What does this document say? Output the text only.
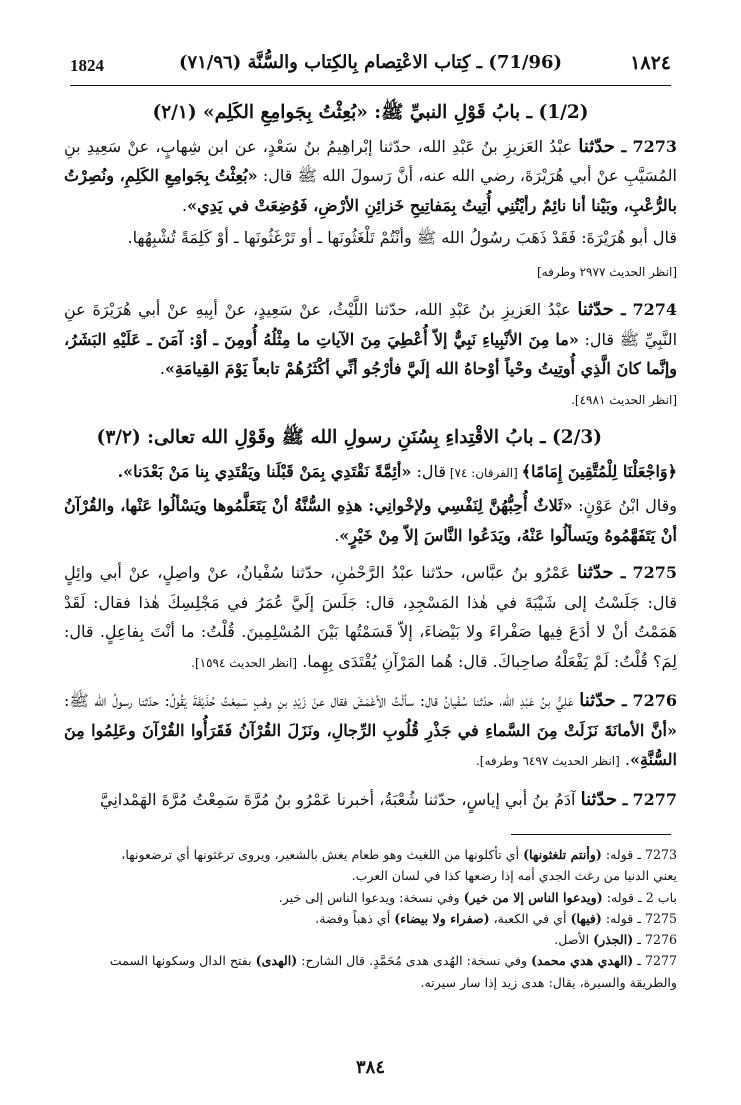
1824	(71/96) ـ كِتاب الاعْتِصام بِالكِتاب والسُّنَّة (٧١/٩٦)	١٨٢٤
(1/2) ـ بابُ قَوْلِ النبيِّ ﷺ: «بُعِثْتُ بِجَوامِعِ الكَلِم» (٢/١)

7273 ـ حدّثنا عبْدُ العَزيزِ بنُ عَبْدِ الله، حدّثنا إبْراهِيمُ بنُ سَعْدٍ، عن ابن شِهابٍ، عنْ سَعِيدِ بنِ المُسَيَّبِ عنْ أبي هُرَيْرَةَ، رضي الله عنه، أنَّ رَسولَ الله ﷺ قال: «بُعِثْتُ بِجَوامِعِ الكَلِمِ، ونُصِرْتُ بالرُّعْبِ، وبَيْنا أنا نائِمٌ رأيْتُنِي أُتِيتُ بِمَفاتِيحِ خَزائِنِ الأرْضِ، فَوُضِعَتْ في يَدِي».

قال أبو هُرَيْرَةَ: فَقَدْ ذَهَبَ رسُولُ الله ﷺ وأنْتُمْ تَلْغَثُونَها ـ أو تَرْغَثُونَها ـ أوْ كَلِمَةً تُشْبِهُها.

[انظر الحديث ٢٩٧٧ وطرفه]

7274 ـ حدّثنا عبْدُ العَزيزِ بنُ عَبْدِ الله، حدّثنا اللَّيْثُ، عنْ سَعِيدٍ، عنْ أبِيهِ عنْ أبي هُرَيْرَةَ عنِ النَّبِيِّ ﷺ قال: «ما مِنَ الأنْبِياءِ نَبِيٌّ إلاّ أُعْطِيَ مِنَ الآياتِ ما مِثْلُهُ أُومِنَ ـ أوْ: آمَنَ ـ عَلَيْهِ البَشَرُ، وإنَّما كانَ الَّذِي أُوتِيتُ وحْياً أوْحاهُ الله إلَيَّ فأرْجُو أنِّي أكْثَرُهُمْ تابعاً يَوْمَ القِيامَةِ».
[انظر الحديث ٤٩٨١].

(2/3) ـ بابُ الاقْتِداءِ بِسُنَنِ رسولِ الله ﷺ وقَوْلِ الله تعالى: (٣/٢)

﴿وَاجْعَلْنَا لِلْمُتَّقِينَ إِمَامًا﴾ [الفرقان: ٧٤] قال: «أئِمَّةً نَقْتَدِي بِمَنْ قَبْلَنا ويَقْتَدِي بِنا مَنْ بَعْدَنا».

وقال ابْنُ عَوْنٍ: «ثَلاثٌ أُحِبُّهُنَّ لِنَفْسِي ولإخْوانِي: هذِهِ السُّنَّةُ أنْ يَتَعَلَّمُوها ويَسْألُوا عَنْها، والقُرْآنُ أنْ يَتَفَهَّمُوهُ ويَسألُوا عَنْهُ، ويَدَعُوا النَّاسَ إلاّ مِنْ خَيْرٍ».

7275 ـ حدّثنا عَمْرُو بنُ عبَّاس، حدّثنا عبْدُ الرَّحْمٰنِ، حدّثنا سُفْيانُ، عنْ واصِلٍ، عنْ أبي وائِلٍ قال: جَلَسْتُ إلى شَيْبَةَ في هٰذا المَسْجِدِ، قال: جَلَسَ إلَيَّ عُمَرُ في مَجْلِسِكَ هٰذا فقال: لَقَدْ هَمَمْتُ أنْ لا أدَعَ فِيها صَفْراءَ ولا بَيْضاءَ، إلاّ قَسَمْتُها بَيْنَ المُسْلِمِينَ. قُلْتُ: ما أنْتَ بِفاعِلٍ. قال: لِمَ؟ قُلْتُ: لَمْ يَفْعَلْهُ صاحِباكَ. قال: هُما المَرْآنِ يُقْتَدَى بِهِما. [انظر الحديث ١٥٩٤].

7276 ـ حدّثنا عَلِيُّ بنُ عَبْدِ الله، حدّثنا سُفْيانُ قال: سألْتُ الأعْمَشَ فقال عنْ زَيْدِ بنِ وهْبٍ سَمِعْتُ حُذَيْفَةَ يَقُولُ: حدّثنا رسولُ الله ﷺ: «أنَّ الأمانَةَ نَزَلَتْ مِنَ السَّماءِ في جَذْرِ قُلُوبِ الرِّجالِ، ونَزَلَ القُرْآنُ فَقَرَأُوا القُرْآنَ وعَلِمُوا مِنَ السُّنَّةِ». [انظر الحديث ٦٤٩٧ وطرفه].

7277 ـ حدّثنا آدَمُ بنُ أبي إياسٍ، حدّثنا شُعْبَةُ، أخبرنا عَمْرُو بنُ مُرَّةَ سَمِعْتُ مُرَّةَ الهَمْدانِيَّ

7273 ـ قوله: (وأنتم تلغثونها) أي تأكلونها من اللغيث وهو طعام يغش بالشعير، ويروى ترغثونها أي ترضعونها،

يعني الدنيا من رغث الجدي أمه إذا رضعها كذا في لسان العرب.

باب 2 ـ قوله: (ويدعوا الناس إلا من خير) وفي نسخة: ويدعوا الناس إلى خير.

7275 ـ قوله: (فيها) أي في الكعبة، (صفراء ولا بيضاء) أي ذهباً وفضة.

7276 ـ (الجذر) الأصل.

7277 ـ (الهدي هدي محمد) وفي نسخة: الهُدى هدى مُحَمَّدٍ. قال الشارح: (الهدى) بفتح الدال وسكونها السمت

والطريقة والسيرة، يقال: هدى زيد إذا سار سيرته.

٣٨٤
